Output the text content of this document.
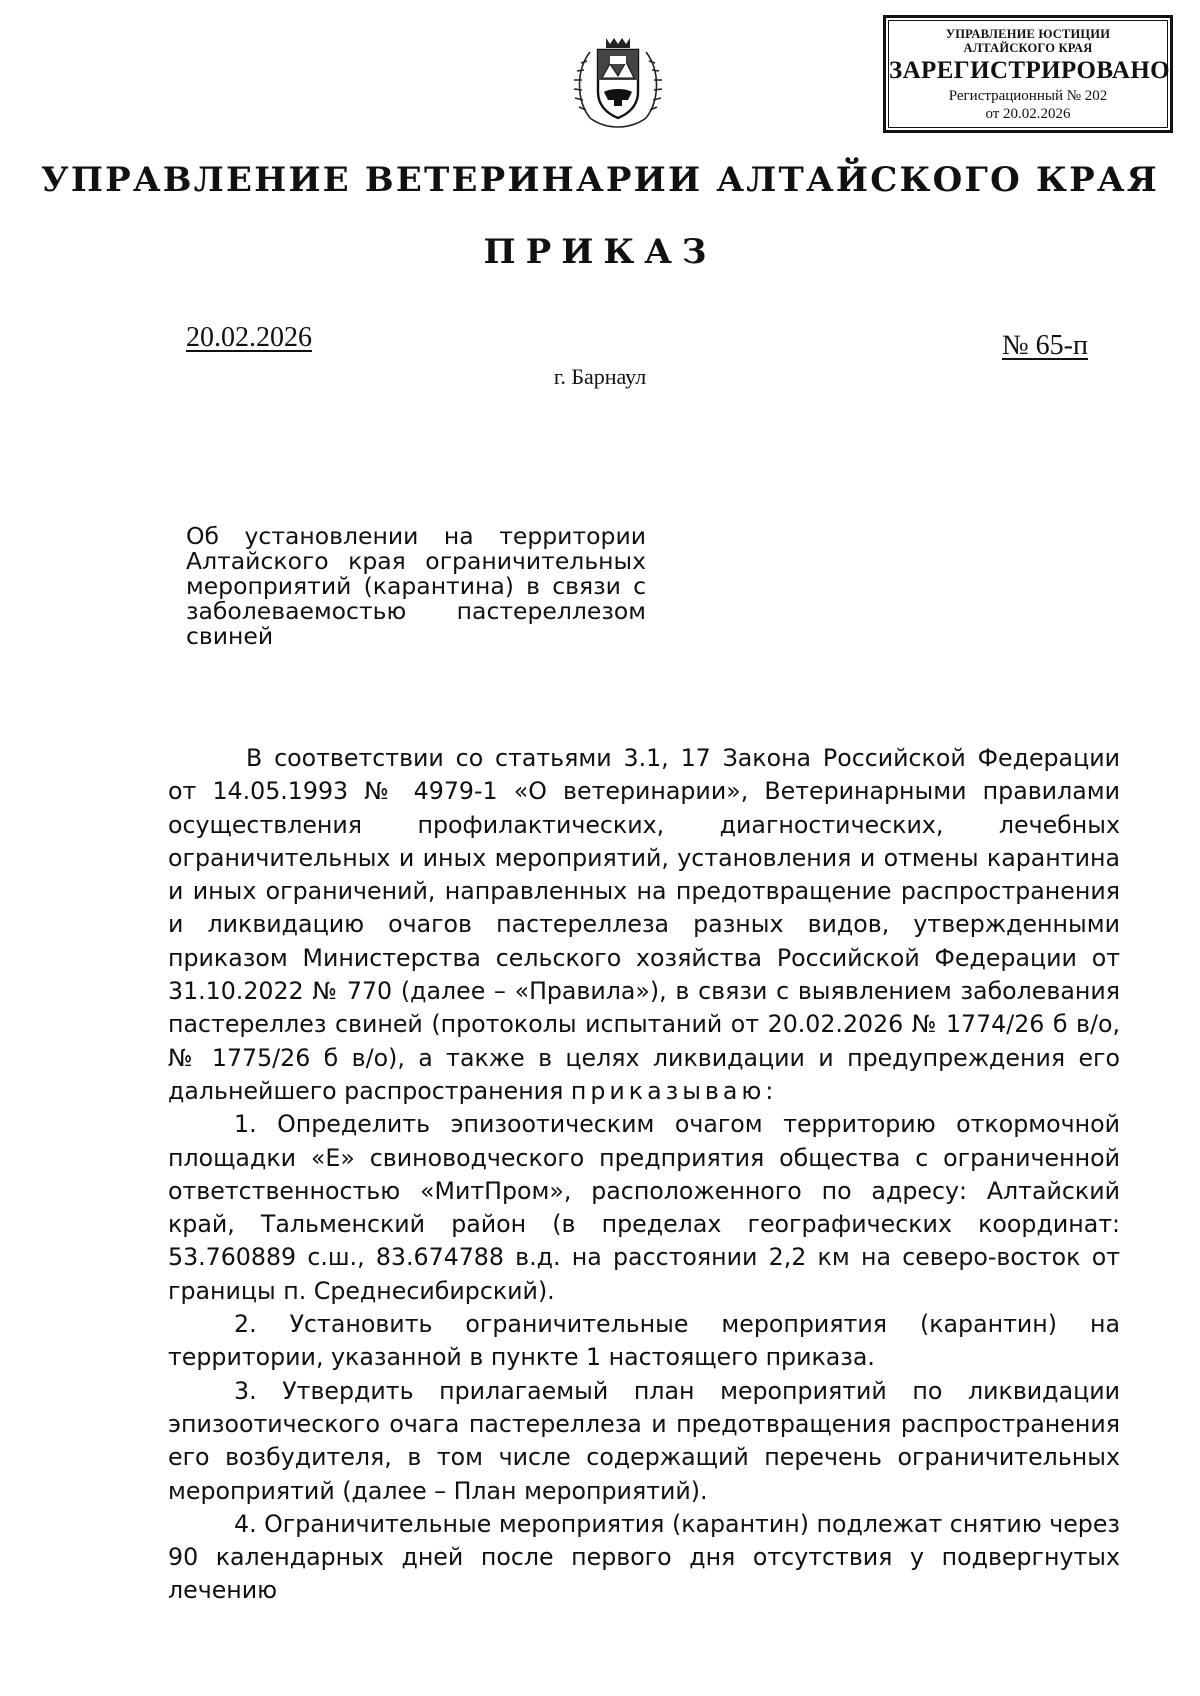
УПРАВЛЕНИЕ ЮСТИЦИИ АЛТАЙСКОГО КРАЯ
ЗАРЕГИСТРИРОВАНО
Регистрационный № 202
от 20.02.2026
УПРАВЛЕНИЕ ВЕТЕРИНАРИИ АЛТАЙСКОГО КРАЯ
ПРИКАЗ
20.02.2026	№ 65-п
г. Барнаул
Об установлении на территории Алтайского края ограничительных мероприятий (карантина) в связи с заболеваемостью пастереллезом
свиней

В соответствии со статьями 3.1, 17 Закона Российской Федерации от 14.05.1993 № 4979-1 «О ветеринарии», Ветеринарными правилами осуществления профилактических, диагностических, лечебных ограничительных и иных мероприятий, установления и отмены карантина и иных ограничений, направленных на предотвращение распространения и ликвидацию очагов пастереллеза разных видов, утвержденными приказом Министерства сельского хозяйства Российской Федерации от 31.10.2022 № 770 (далее – «Правила»), в связи с выявлением заболевания пастереллез свиней (протоколы испытаний от 20.02.2026 № 1774/26 б в/о, № 1775/26 б в/о), а также в целях ликвидации и предупреждения его дальнейшего распространения приказываю:

1. Определить эпизоотическим очагом территорию откормочной площадки «Е» свиноводческого предприятия общества с ограниченной ответственностью «МитПром», расположенного по адресу: Алтайский край, Тальменский район (в пределах географических координат: 53.760889 с.ш., 83.674788 в.д. на расстоянии 2,2 км на северо-восток от границы п. Среднесибирский).

2. Установить ограничительные мероприятия (карантин) на территории, указанной в пункте 1 настоящего приказа.

3. Утвердить прилагаемый план мероприятий по ликвидации эпизоотического очага пастереллеза и предотвращения распространения его возбудителя, в том числе содержащий перечень ограничительных мероприятий (далее – План мероприятий).

4. Ограничительные мероприятия (карантин) подлежат снятию через 90 календарных дней после первого дня отсутствия у подвергнутых лечению
